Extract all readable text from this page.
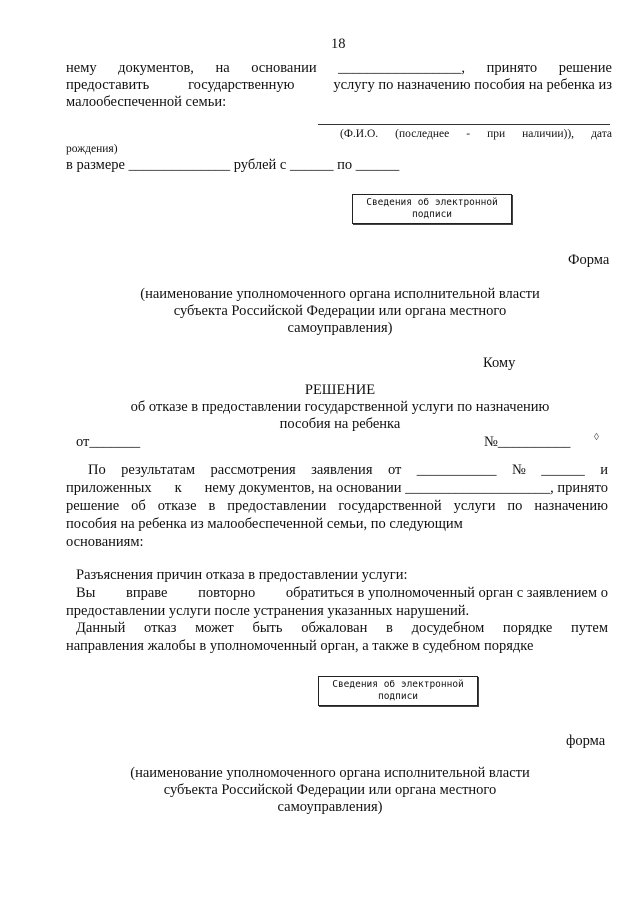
18
нему документов, на основании _________________, принято решение
предоставить	государственную	услугу по назначению пособия на ребенка из
малообеспеченной семьи:
(Ф.И.О. (последнее - при наличии)), дата
рождения)
в размере ______________ рублей с ______ по ______
Сведения об электронной
подписи
Форма
(наименование уполномоченного органа исполнительной власти
субъекта Российской Федерации или органа местного
самоуправления)
Кому
РЕШЕНИЕ
об отказе в предоставлении государственной услуги по назначению
пособия на ребенка
от_______	№__________ ◊
По результатам рассмотрения заявления от ___________ № ______ и
приложенных к нему документов, на основании ____________________, принято
решение об отказе в предоставлении государственной услуги по назначению
пособия на ребенка из малообеспеченной семьи, по следующим
основаниям:
Разъяснения причин отказа в предоставлении услуги:
Вы вправе повторно обратиться в уполномоченный орган с заявлением о
предоставлении услуги после устранения указанных нарушений.
Данный отказ может быть обжалован в досудебном порядке путем
направления жалобы в уполномоченный орган, а также в судебном порядке
Сведения об электронной
подписи
форма
(наименование уполномоченного органа исполнительной власти
субъекта Российской Федерации или органа местного
самоуправления)
